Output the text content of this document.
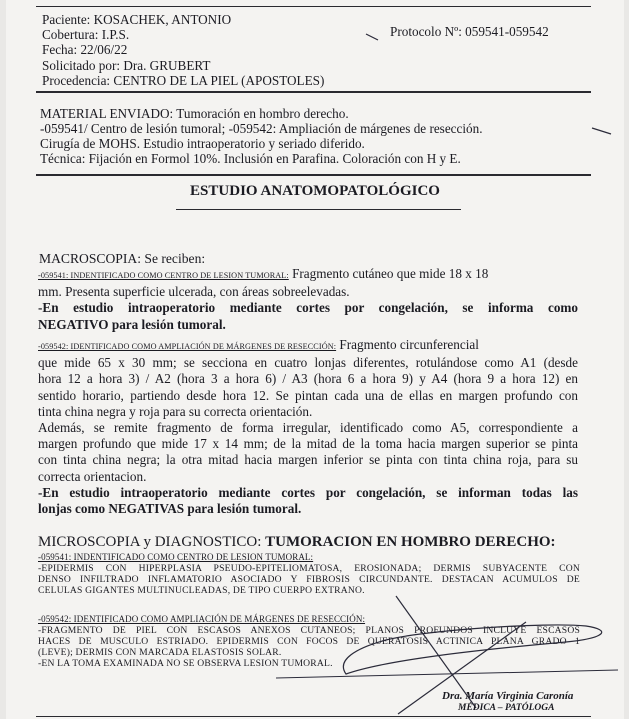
Paciente: KOSACHEK, ANTONIO
Cobertura: I.P.S.
Fecha: 22/06/22
Solicitado por: Dra. GRUBERT
Procedencia: CENTRO DE LA PIEL (APOSTOLES)
Protocolo Nº: 059541-059542
MATERIAL ENVIADO: Tumoración en hombro derecho.
-059541/ Centro de lesión tumoral; -059542: Ampliación de márgenes de resección.
Cirugía de MOHS. Estudio intraoperatorio y seriado diferido.
Técnica: Fijación en Formol 10%. Inclusión en Parafina. Coloración con H y E.
ESTUDIO ANATOMOPATOLÓGICO
MACROSCOPIA: Se reciben:
-059541: INDENTIFICADO COMO CENTRO DE LESION TUMORAL: Fragmento cutáneo que mide 18 x 18
mm. Presenta superficie ulcerada, con áreas sobreelevadas.
-En estudio intraoperatorio mediante cortes por congelación, se informa como
NEGATIVO para lesión tumoral.
-059542: IDENTIFICADO COMO AMPLIACIÓN DE MÁRGENES DE RESECCIÓN: Fragmento circunferencial
que mide 65 x 30 mm; se secciona en cuatro lonjas diferentes, rotulándose como A1 (desde
hora 12 a hora 3) / A2 (hora 3 a hora 6) / A3 (hora 6 a hora 9) y A4 (hora 9 a hora 12) en
sentido horario, partiendo desde hora 12. Se pintan cada una de ellas en margen profundo con
tinta china negra y roja para su correcta orientación.
Además, se remite fragmento de forma irregular, identificado como A5, correspondiente a
margen profundo que mide 17 x 14 mm; de la mitad de la toma hacia margen superior se pinta
con tinta china negra; la otra mitad hacia margen inferior se pinta con tinta china roja, para su
correcta orientacion.
-En estudio intraoperatorio mediante cortes por congelación, se informan todas las
lonjas como NEGATIVAS para lesión tumoral.
MICROSCOPIA y DIAGNOSTICO: TUMORACION EN HOMBRO DERECHO:
-059541: INDENTIFICADO COMO CENTRO DE LESION TUMORAL:
-EPIDERMIS CON HIPERPLASIA PSEUDO-EPITELIOMATOSA, EROSIONADA; DERMIS SUBYACENTE CON
DENSO INFILTRADO INFLAMATORIO ASOCIADO Y FIBROSIS CIRCUNDANTE. DESTACAN ACUMULOS DE
CELULAS GIGANTES MULTINUCLEADAS, DE TIPO CUERPO EXTRANO.
-059542: IDENTIFICADO COMO AMPLIACIÓN DE MÁRGENES DE RESECCIÓN:
-FRAGMENTO DE PIEL CON ESCASOS ANEXOS CUTANEOS; PLANOS PROFUNDOS INCLUYE ESCASOS
HACES DE MUSCULO ESTRIADO. EPIDERMIS CON FOCOS DE QUERATOSIS ACTINICA PLANA GRADO 1
(LEVE); DERMIS CON MARCADA ELASTOSIS SOLAR.
-EN LA TOMA EXAMINADA NO SE OBSERVA LESION TUMORAL.
Dra. María Virginia Caronía
MÉDICA – PATÓLOGA
